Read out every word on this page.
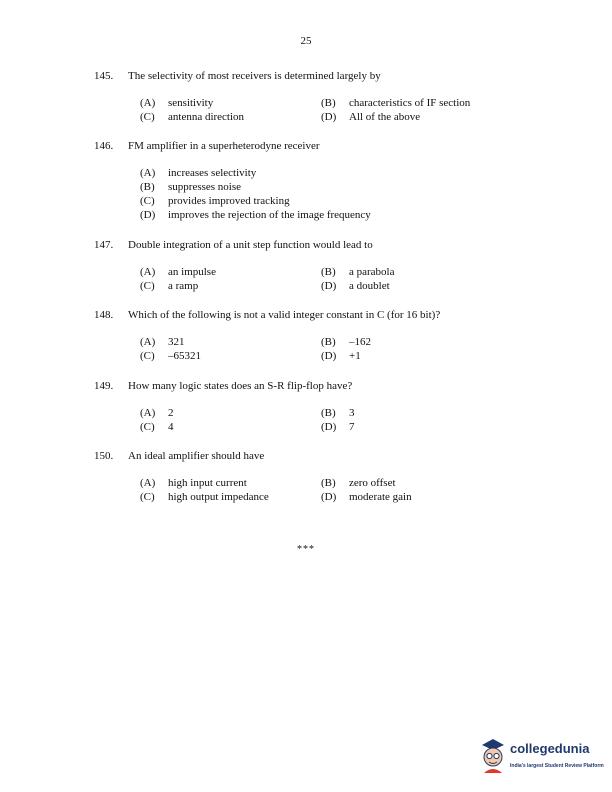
25
145. The selectivity of most receivers is determined largely by
(A) sensitivity	(B) characteristics of IF section
(C) antenna direction	(D) All of the above
146. FM amplifier in a superheterodyne receiver
(A) increases selectivity
(B) suppresses noise
(C) provides improved tracking
(D) improves the rejection of the image frequency
147. Double integration of a unit step function would lead to
(A) an impulse	(B) a parabola
(C) a ramp	(D) a doublet
148. Which of the following is not a valid integer constant in C (for 16 bit)?
(A) 321	(B) –162
(C) –65321	(D) +1
149. How many logic states does an S-R flip-flop have?
(A) 2	(B) 3
(C) 4	(D) 7
150. An ideal amplifier should have
(A) high input current	(B) zero offset
(C) high output impedance	(D) moderate gain
***
collegedunia
India's largest Student Review Platform
